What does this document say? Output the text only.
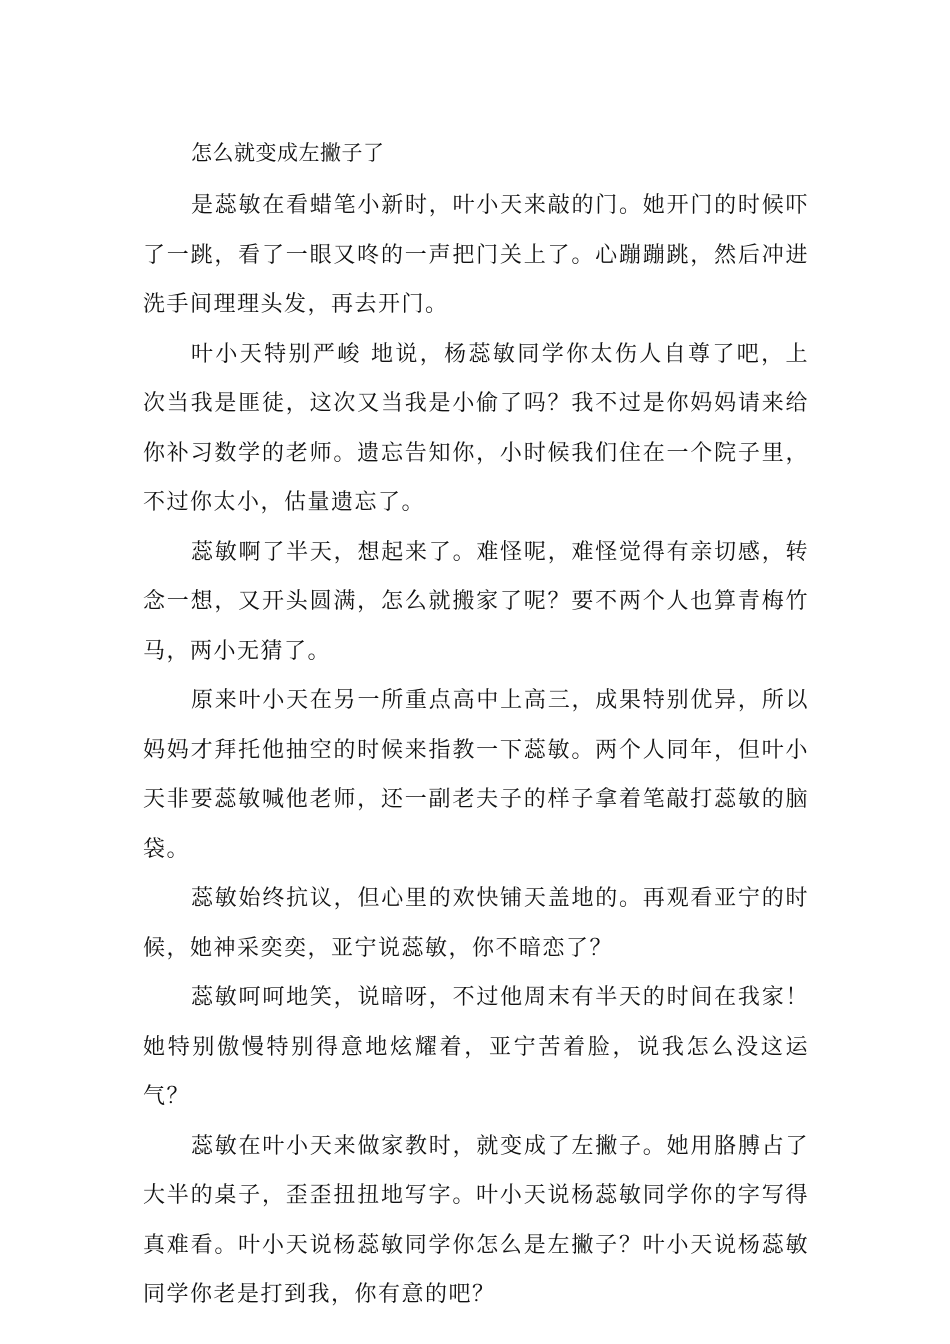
怎么就变成左撇子了

是蕊敏在看蜡笔小新时，叶小天来敲的门。她开门的时候吓了一跳，看了一眼又咚的一声把门关上了。心蹦蹦跳，然后冲进洗手间理理头发，再去开门。

叶小天特别严峻 地说，杨蕊敏同学你太伤人自尊了吧，上次当我是匪徒，这次又当我是小偷了吗？我不过是你妈妈请来给你补习数学的老师。遗忘告知你，小时候我们住在一个院子里，不过你太小，估量遗忘了。

蕊敏啊了半天，想起来了。难怪呢，难怪觉得有亲切感，转念一想，又开头圆满，怎么就搬家了呢？要不两个人也算青梅竹马，两小无猜了。

原来叶小天在另一所重点高中上高三，成果特别优异，所以妈妈才拜托他抽空的时候来指教一下蕊敏。两个人同年，但叶小天非要蕊敏喊他老师，还一副老夫子的样子拿着笔敲打蕊敏的脑袋。

蕊敏始终抗议，但心里的欢快铺天盖地的。再观看亚宁的时候，她神采奕奕，亚宁说蕊敏，你不暗恋了？

蕊敏呵呵地笑，说暗呀，不过他周末有半天的时间在我家！她特别傲慢特别得意地炫耀着，亚宁苦着脸，说我怎么没这运气？

蕊敏在叶小天来做家教时，就变成了左撇子。她用胳膊占了大半的桌子，歪歪扭扭地写字。叶小天说杨蕊敏同学你的字写得真难看。叶小天说杨蕊敏同学你怎么是左撇子？叶小天说杨蕊敏同学你老是打到我，你有意的吧？
